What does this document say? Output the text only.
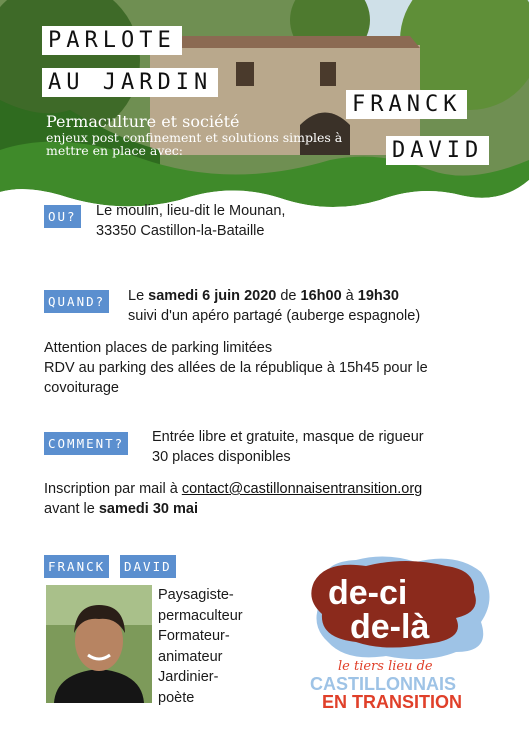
PARLOTE
AU JARDIN
FRANCK
DAVID
Permaculture et société
enjeux post confinement et solutions simples à mettre en place avec:
OU? Le moulin, lieu-dit le Mounan,
33350 Castillon-la-Bataille
QUAND? Le samedi 6 juin 2020 de 16h00 à 19h30
suivi d'un apéro partagé (auberge espagnole)
Attention places de parking limitées
RDV au parking des allées de la république à 15h45 pour le
covoiturage
COMMENT? Entrée libre et gratuite, masque de rigueur
30 places disponibles
Inscription par mail à contact@castillonnaisentransition.org
avant le samedi 30 mai
FRANCK	DAVID
Paysagiste-
permaculteur
Formateur-
animateur
Jardinier-
poète
de-ci
de-là
le tiers lieu de
CASTILLONNAIS
EN TRANSITION
